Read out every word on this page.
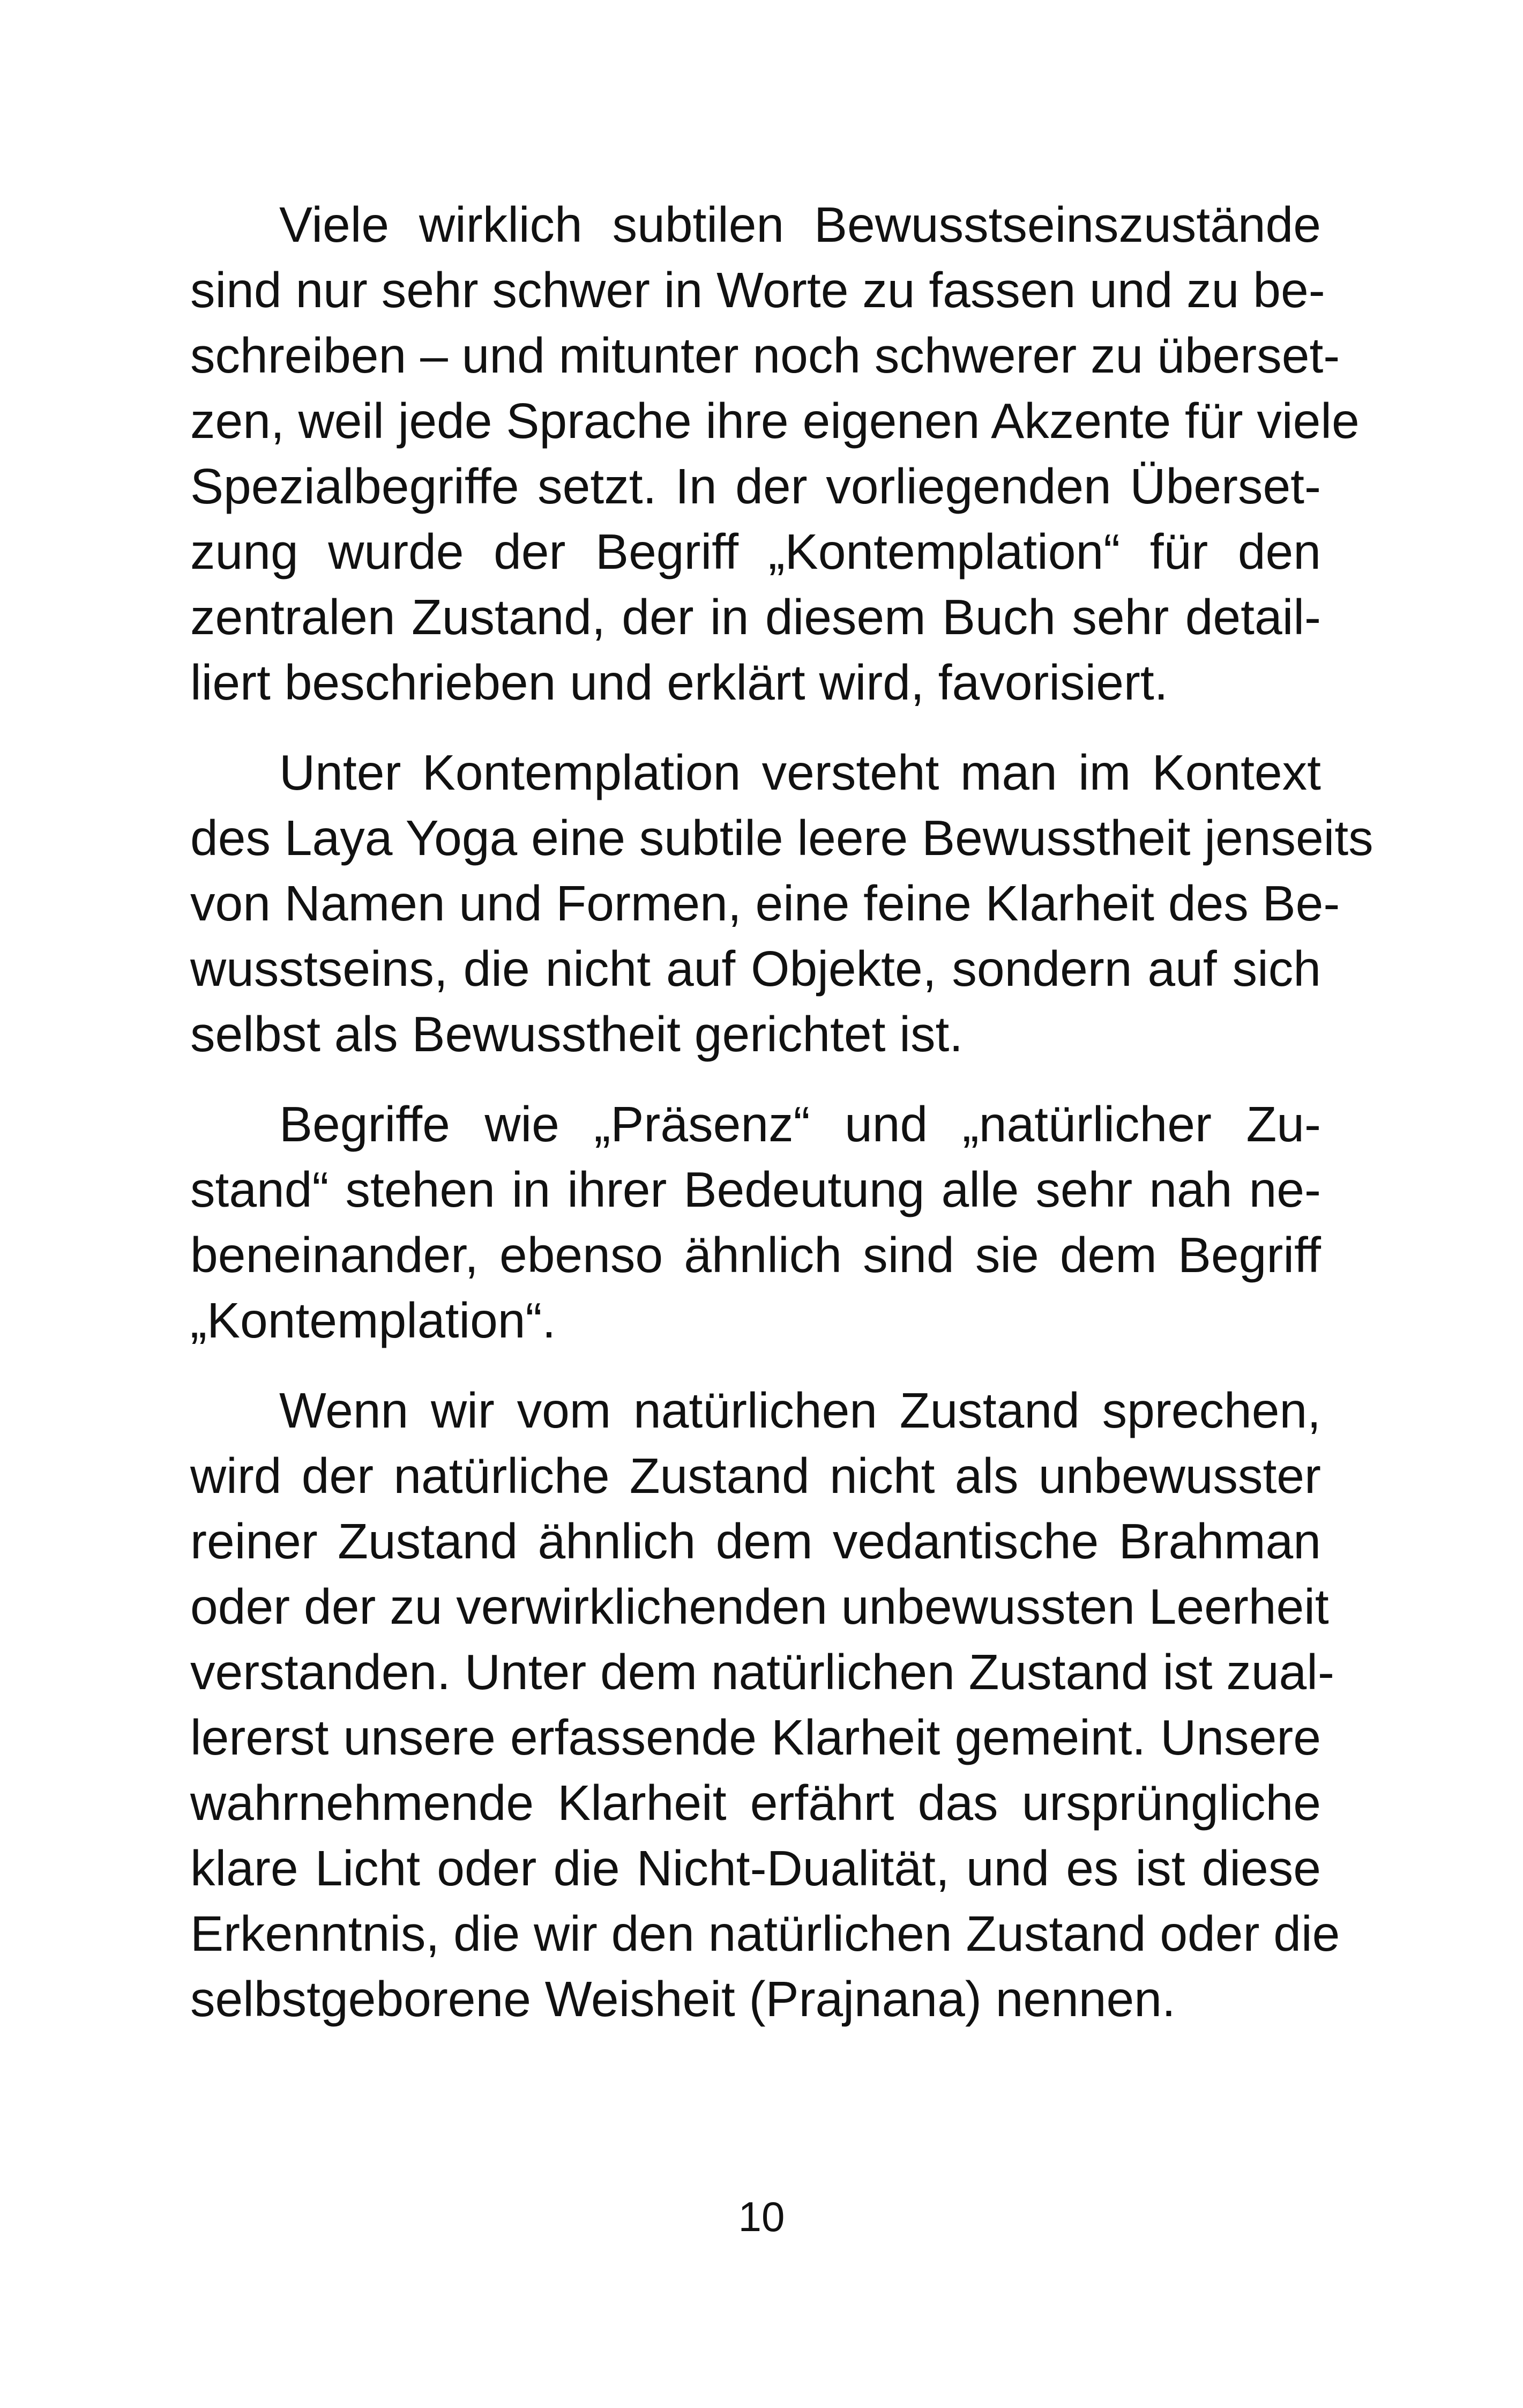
Viele wirklich subtilen Bewusstseinszustände
sind nur sehr schwer in Worte zu fassen und zu be-
schreiben – und mitunter noch schwerer zu überset-
zen, weil jede Sprache ihre eigenen Akzente für viele
Spezialbegriffe setzt. In der vorliegenden Überset-
zung wurde der Begriff „Kontemplation“ für den
zentralen Zustand, der in diesem Buch sehr detail-
liert beschrieben und erklärt wird, favorisiert.
Unter Kontemplation versteht man im Kontext
des Laya Yoga eine subtile leere Bewusstheit jenseits
von Namen und Formen, eine feine Klarheit des Be-
wusstseins, die nicht auf Objekte, sondern auf sich
selbst als Bewusstheit gerichtet ist.
Begriffe wie „Präsenz“ und „natürlicher Zu-
stand“ stehen in ihrer Bedeutung alle sehr nah ne-
beneinander, ebenso ähnlich sind sie dem Begriff
„Kontemplation“.
Wenn wir vom natürlichen Zustand sprechen,
wird der natürliche Zustand nicht als unbewusster
reiner Zustand ähnlich dem vedantische Brahman
oder der zu verwirklichenden unbewussten Leerheit
verstanden. Unter dem natürlichen Zustand ist zual-
lererst unsere erfassende Klarheit gemeint. Unsere
wahrnehmende Klarheit erfährt das ursprüngliche
klare Licht oder die Nicht-Dualität, und es ist diese
Erkenntnis, die wir den natürlichen Zustand oder die
selbstgeborene Weisheit (Prajnana) nennen.
10
